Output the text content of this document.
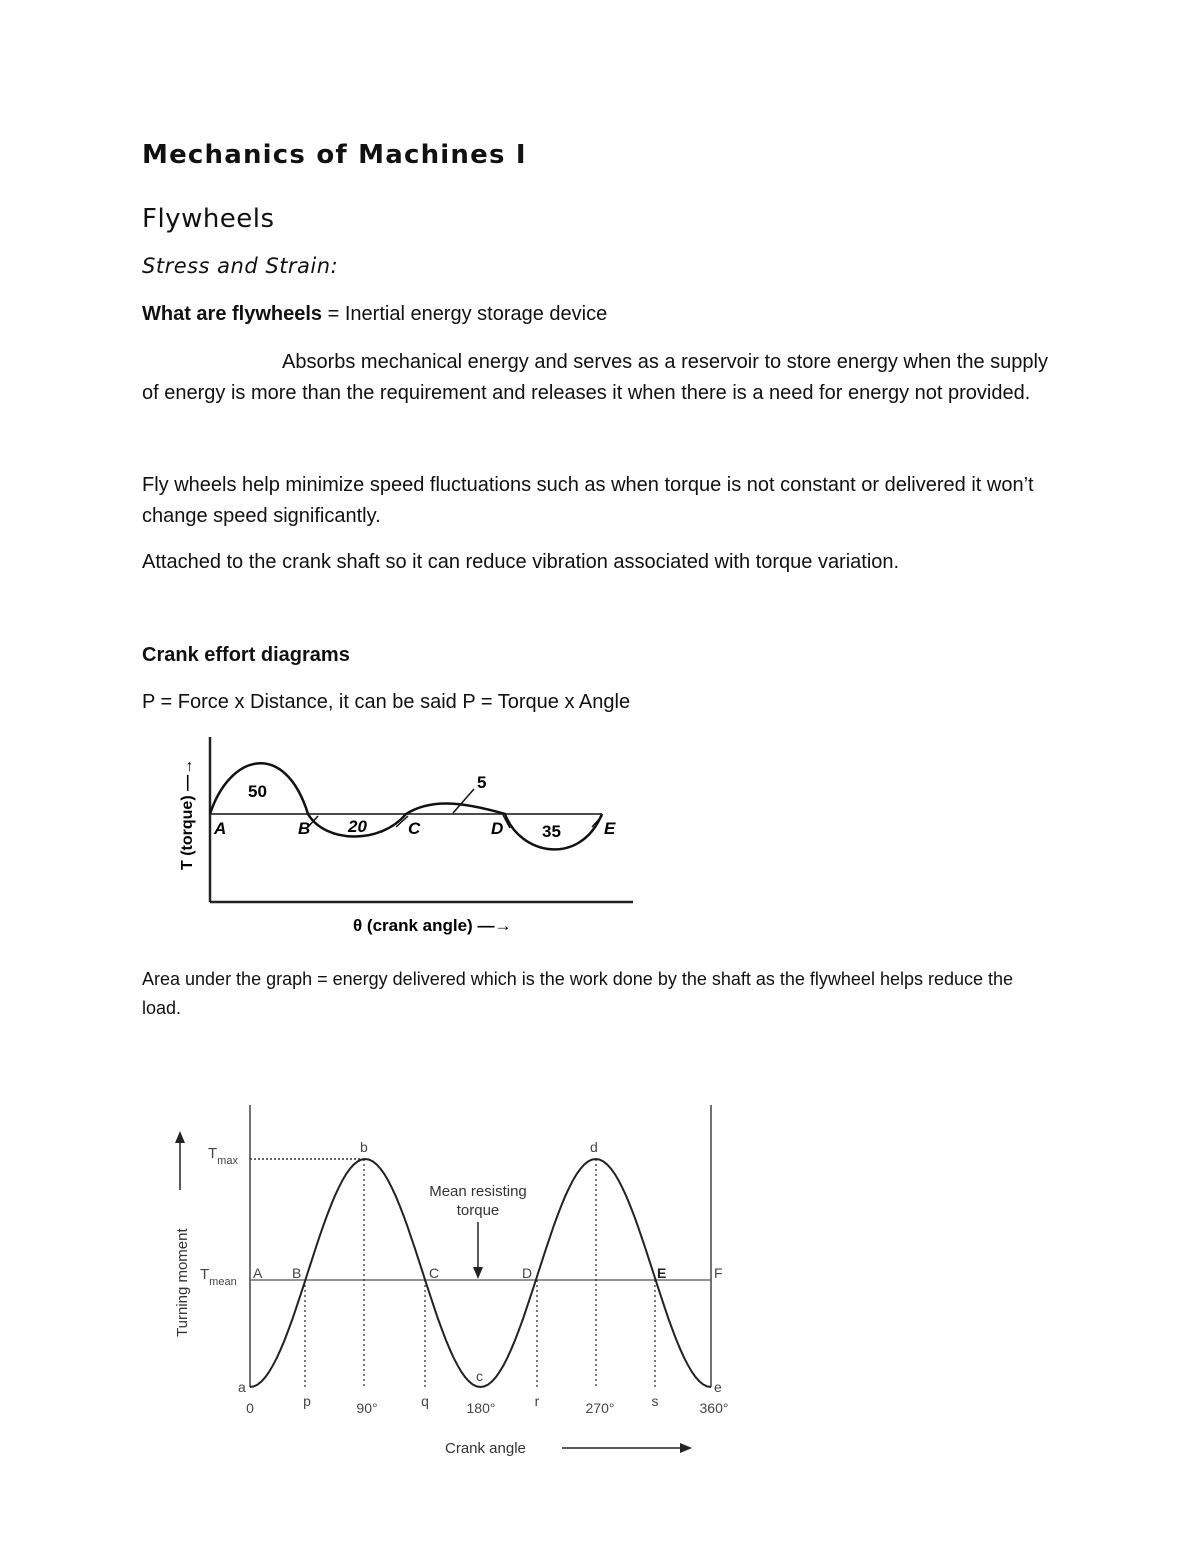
Mechanics of Machines I
Flywheels
Stress and Strain:
What are flywheels = Inertial energy storage device
Absorbs mechanical energy and serves as a reservoir to store energy when the supply of energy is more than the requirement and releases it when there is a need for energy not provided.
Fly wheels help minimize speed fluctuations such as when torque is not constant or delivered it won’t change speed significantly.
Attached to the crank shaft so it can reduce vibration associated with torque variation.
Crank effort diagrams
P = Force x Distance, it can be said P = Torque x Angle
A	B	C	D	E
50
20
5
35
θ (crank angle) —→
T (torque) —→
Area under the graph = energy delivered which is the work done by the shaft as the flywheel helps reduce the load.
Mean resisting
torque
$T_{max}$
$T_{mean}$
Turning moment
a
b
c
d
e
A B	C	D	E	F
0	p	90°	q	180°	r	270°	s	360°
Crank angle
